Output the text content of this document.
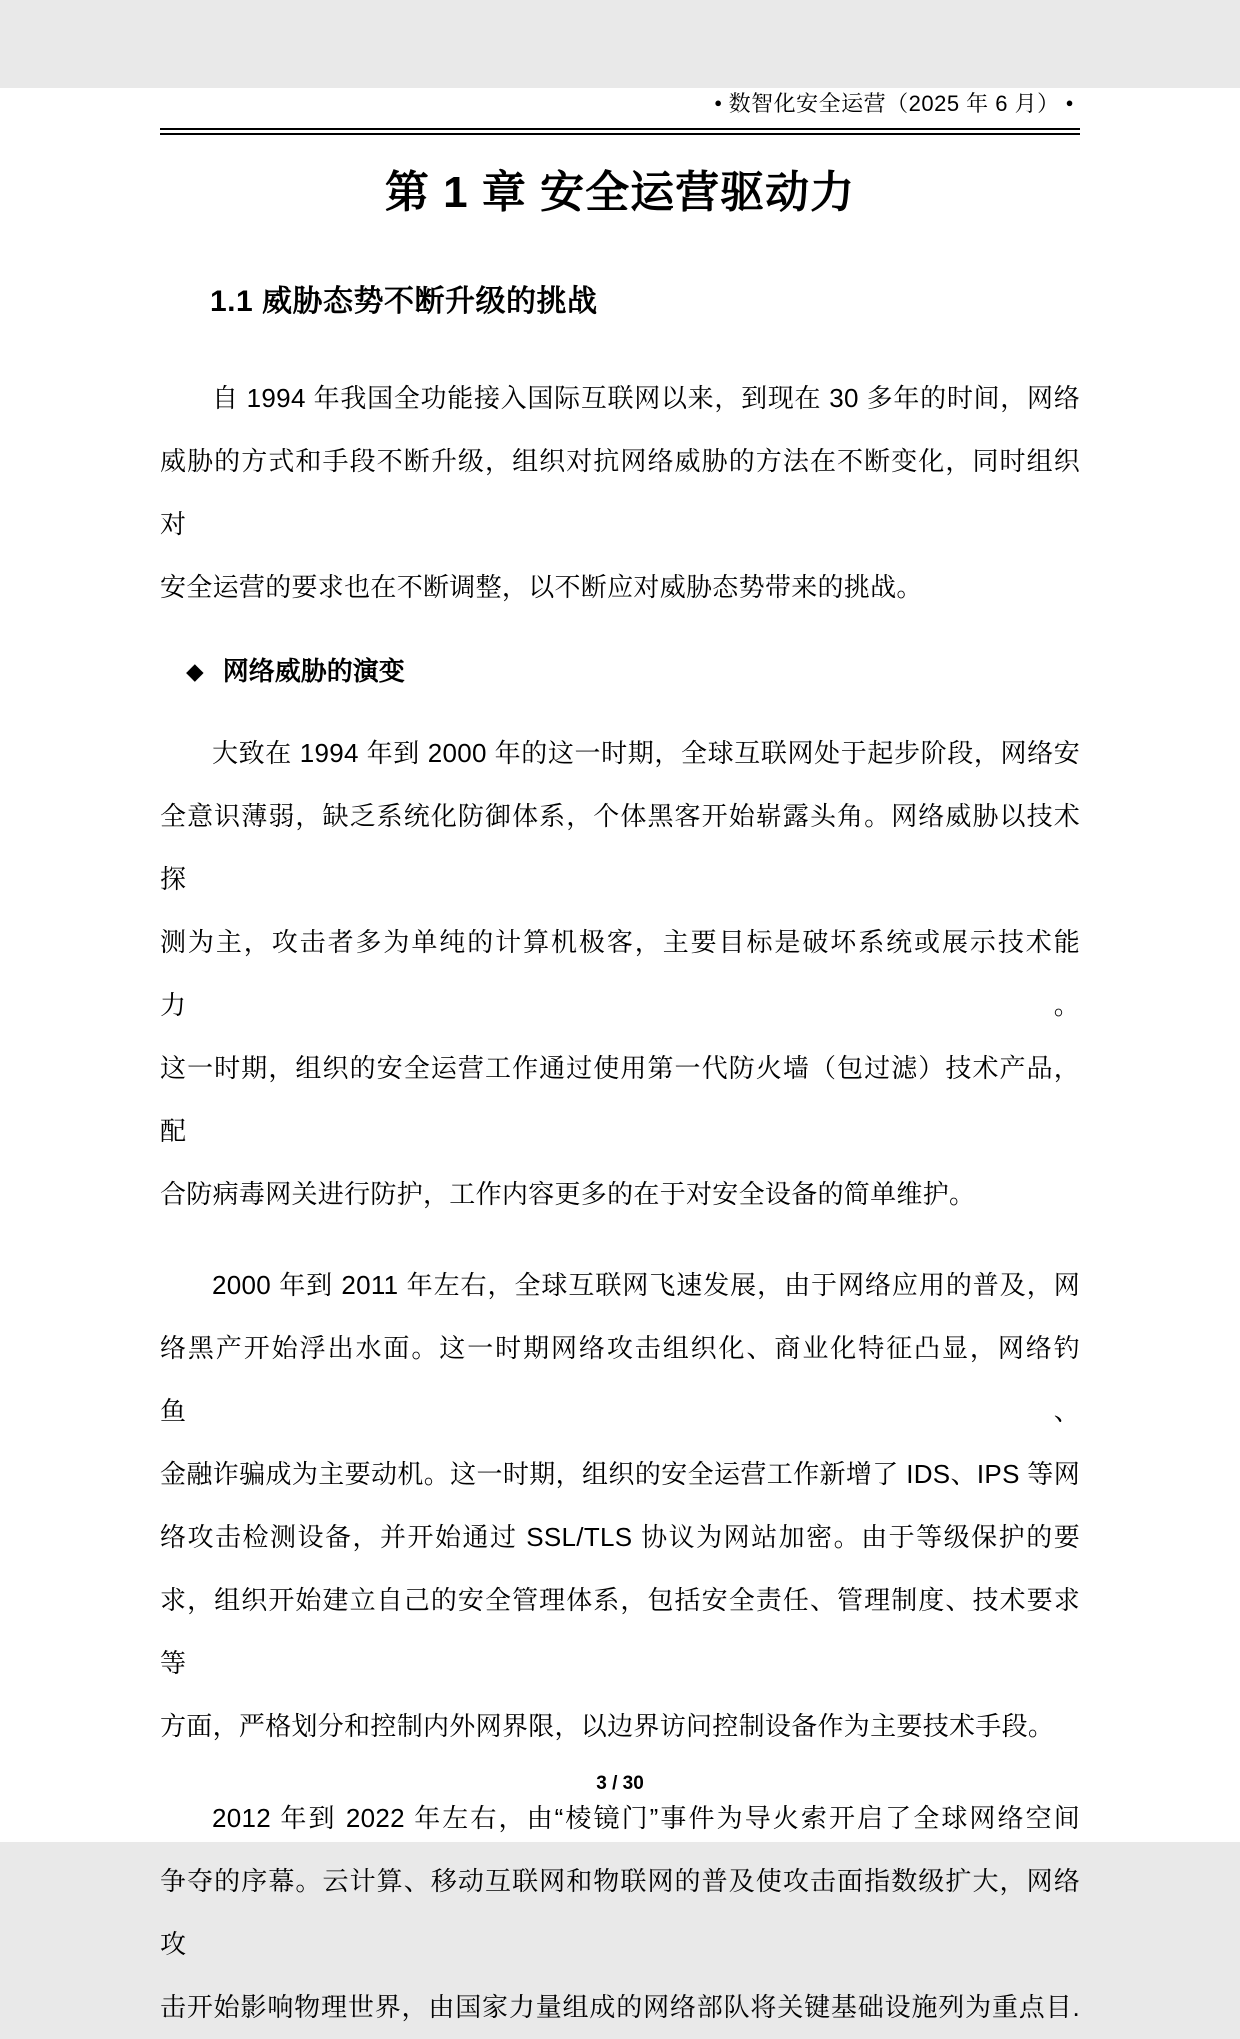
● 数智化安全运营（2025 年 6 月） ●
第 1 章 安全运营驱动力
1.1 威胁态势不断升级的挑战
自 1994 年我国全功能接入国际互联网以来，到现在 30 多年的时间，网络
威胁的方式和手段不断升级，组织对抗网络威胁的方法在不断变化，同时组织对
安全运营的要求也在不断调整，以不断应对威胁态势带来的挑战。
◆ 网络威胁的演变
大致在 1994 年到 2000 年的这一时期，全球互联网处于起步阶段，网络安
全意识薄弱，缺乏系统化防御体系，个体黑客开始崭露头角。网络威胁以技术探
测为主，攻击者多为单纯的计算机极客，主要目标是破坏系统或展示技术能力。
这一时期，组织的安全运营工作通过使用第一代防火墙（包过滤）技术产品，配
合防病毒网关进行防护，工作内容更多的在于对安全设备的简单维护。
2000 年到 2011 年左右，全球互联网飞速发展，由于网络应用的普及，网
络黑产开始浮出水面。这一时期网络攻击组织化、商业化特征凸显，网络钓鱼、
金融诈骗成为主要动机。这一时期，组织的安全运营工作新增了 IDS、IPS 等网
络攻击检测设备，并开始通过 SSL/TLS 协议为网站加密。由于等级保护的要
求，组织开始建立自己的安全管理体系，包括安全责任、管理制度、技术要求等
方面，严格划分和控制内外网界限，以边界访问控制设备作为主要技术手段。
2012 年到 2022 年左右，由“棱镜门”事件为导火索开启了全球网络空间
争夺的序幕。云计算、移动互联网和物联网的普及使攻击面指数级扩大，网络攻
击开始影响物理世界，由国家力量组成的网络部队将关键基础设施列为重点目.
3 / 30
